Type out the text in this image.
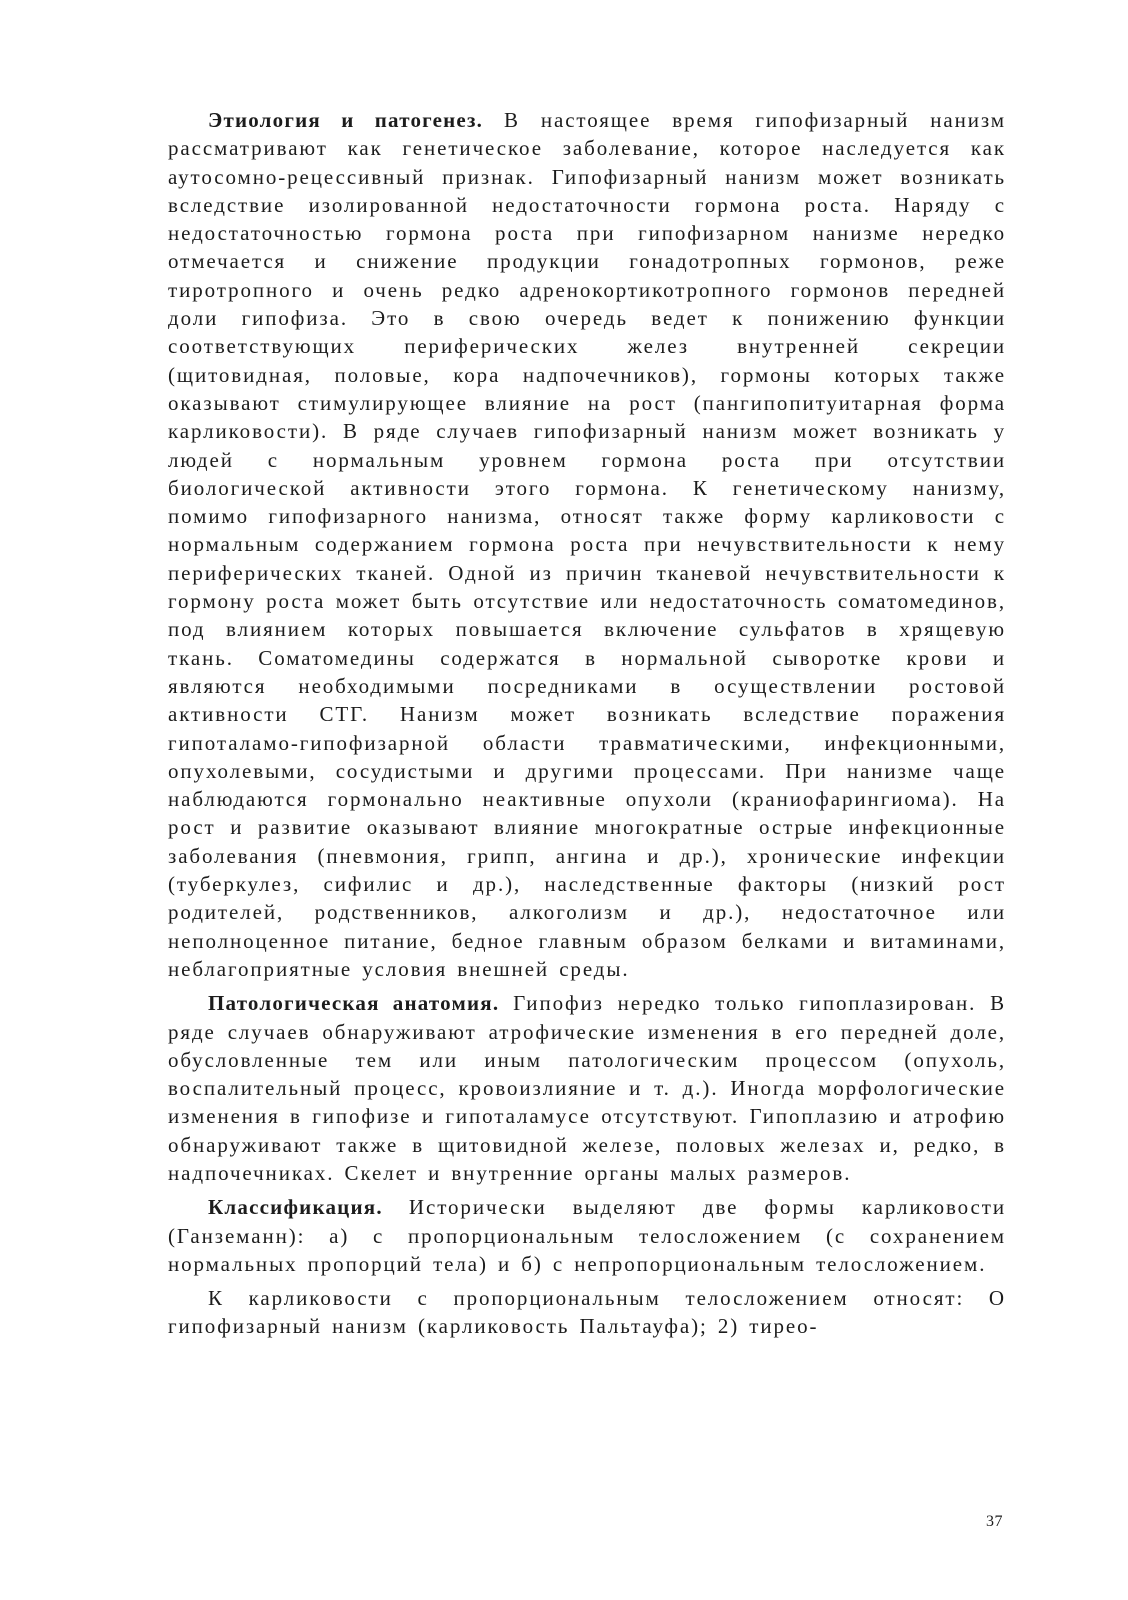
Этиология и патогенез. В настоящее время гипофизарный нанизм рассматривают как генетическое заболевание, которое наследуется как аутосомно-рецессивный признак. Гипофизарный нанизм может возникать вследствие изолированной недостаточности гормона роста. Наряду с недостаточностью гормона роста при гипофизарном нанизме нередко отмечается и снижение продукции гонадотропных гормонов, реже тиротропного и очень редко адренокортикотропного гормонов передней доли гипофиза. Это в свою очередь ведет к понижению функции соответствующих периферических желез внутренней секреции (щитовидная, половые, кора надпочечников), гормоны которых также оказывают стимулирующее влияние на рост (пангипопитуитарная форма карликовости). В ряде случаев гипофизарный нанизм может возникать у людей с нормальным уровнем гормона роста при отсутствии биологической активности этого гормона. К генетическому нанизму, помимо гипофизарного нанизма, относят также форму карликовости с нормальным содержанием гормона роста при нечувствительности к нему периферических тканей. Одной из причин тканевой нечувствительности к гормону роста может быть отсутствие или недостаточность соматомединов, под влиянием которых повышается включение сульфатов в хрящевую ткань. Соматомедины содержатся в нормальной сыворотке крови и являются необходимыми посредниками в осуществлении ростовой активности СТГ. Нанизм может возникать вследствие поражения гипоталамо-гипофизарной области травматическими, инфекционными, опухолевыми, сосудистыми и другими процессами. При нанизме чаще наблюдаются гормонально неактивные опухоли (краниофарингиома). На рост и развитие оказывают влияние многократные острые инфекционные заболевания (пневмония, грипп, ангина и др.), хронические инфекции (туберкулез, сифилис и др.), наследственные факторы (низкий рост родителей, родственников, алкоголизм и др.), недостаточное или неполноценное питание, бедное главным образом белками и витаминами, неблагоприятные условия внешней среды.

Патологическая анатомия. Гипофиз нередко только гипоплазирован. В ряде случаев обнаруживают атрофические изменения в его передней доле, обусловленные тем или иным патологическим процессом (опухоль, воспалительный процесс, кровоизлияние и т. д.). Иногда морфологические изменения в гипофизе и гипоталамусе отсутствуют. Гипоплазию и атрофию обнаруживают также в щитовидной железе, половых железах и, редко, в надпочечниках. Скелет и внутренние органы малых размеров.

Классификация. Исторически выделяют две формы карликовости (Ганземанн): а) с пропорциональным телосложением (с сохранением нормальных пропорций тела) и б) с непропорциональным телосложением.

К карликовости с пропорциональным телосложением относят: О гипофизарный нанизм (карликовость Пальтауфа); 2) тирео-

37
